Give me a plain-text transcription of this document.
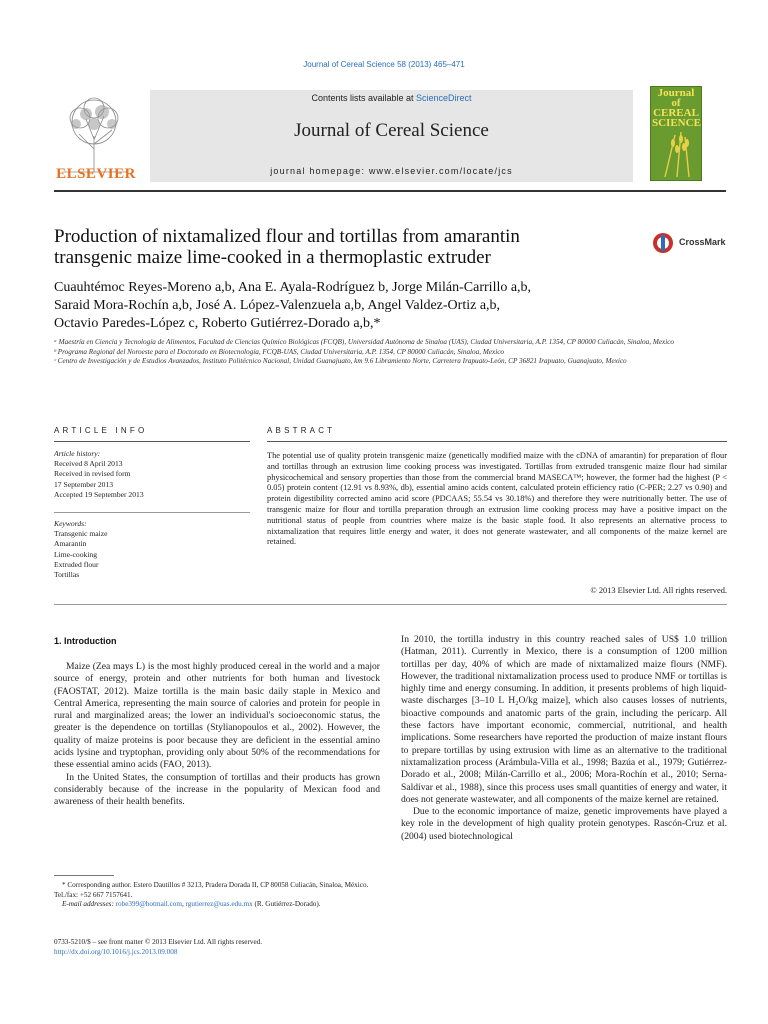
Journal of Cereal Science 58 (2013) 465–471
ELSEVIER
Contents lists available at ScienceDirect
Journal of Cereal Science
journal homepage: www.elsevier.com/locate/jcs
Journal of CEREAL SCIENCE
Production of nixtamalized flour and tortillas from amarantin
transgenic maize lime-cooked in a thermoplastic extruder
CrossMark
Cuauhtémoc Reyes-Moreno a,b, Ana E. Ayala-Rodríguez b, Jorge Milán-Carrillo a,b,
Saraid Mora-Rochín a,b, José A. López-Valenzuela a,b, Angel Valdez-Ortiz a,b,
Octavio Paredes-López c, Roberto Gutiérrez-Dorado a,b,*
ᵃ Maestría en Ciencia y Tecnología de Alimentos, Facultad de Ciencias Químico Biológicas (FCQB), Universidad Autónoma de Sinaloa (UAS), Ciudad Universitaria, A.P. 1354, CP 80000 Culiacán, Sinaloa, Mexico
ᵇ Programa Regional del Noroeste para el Doctorado en Biotecnología, FCQB-UAS, Ciudad Universitaria, A.P. 1354, CP 80000 Culiacán, Sinaloa, Mexico
ᶜ Centro de Investigación y de Estudios Avanzados, Instituto Politécnico Nacional, Unidad Guanajuato, km 9.6 Libramiento Norte, Carretera Irapuato-León, CP 36821 Irapuato, Guanajuato, Mexico
ARTICLE INFO
Article history:
Received 8 April 2013
Received in revised form
17 September 2013
Accepted 19 September 2013
Keywords:
Transgenic maize
Amarantin
Lime-cooking
Extruded flour
Tortillas
ABSTRACT
The potential use of quality protein transgenic maize (genetically modified maize with the cDNA of amarantin) for preparation of flour and tortillas through an extrusion lime cooking process was investigated. Tortillas from extruded transgenic maize flour had similar physicochemical and sensory properties than those from the commercial brand MASECA™; however, the former had the highest (P < 0.05) protein content (12.91 vs 8.93%, db), essential amino acids content, calculated protein efficiency ratio (C-PER; 2.27 vs 0.90) and protein digestibility corrected amino acid score (PDCAAS; 55.54 vs 30.18%) and therefore they were nutritionally better. The use of transgenic maize for flour and tortilla preparation through an extrusion lime cooking process may have a positive impact on the nutritional status of people from countries where maize is the basic staple food. It also represents an alternative process to nixtamalization that requires little energy and water, it does not generate wastewater, and all components of the maize kernel are retained.
© 2013 Elsevier Ltd. All rights reserved.
1. Introduction

Maize (Zea mays L) is the most highly produced cereal in the world and a major source of energy, protein and other nutrients for both human and livestock (FAOSTAT, 2012). Maize tortilla is the main basic daily staple in Mexico and Central America, representing the main source of calories and protein for people in rural and marginalized areas; the lower an individual's socioeconomic status, the greater is the dependence on tortillas (Stylianopoulos et al., 2002). However, the quality of maize proteins is poor because they are deficient in the essential amino acids lysine and tryptophan, providing only about 50% of the recommendations for these essential amino acids (FAO, 2013).

In the United States, the consumption of tortillas and their products has grown considerably because of the increase in the popularity of Mexican food and awareness of their health benefits.

* Corresponding author. Estero Dautillos # 3213, Pradera Dorada II, CP 80058 Culiacán, Sinaloa, México. Tel./fax: +52 667 7157641.
E-mail addresses: robe399@hotmail.com, rgutierrez@uas.edu.mx (R. Gutiérrez-Dorado).
0733-5210/$ – see front matter © 2013 Elsevier Ltd. All rights reserved.
http://dx.doi.org/10.1016/j.jcs.2013.09.008

In 2010, the tortilla industry in this country reached sales of US$ 1.0 trillion (Hatman, 2011). Currently in Mexico, there is a consumption of 1200 million tortillas per day, 40% of which are made of nixtamalized maize flours (NMF). However, the traditional nixtamalization process used to produce NMF or tortillas is highly time and energy consuming. In addition, it presents problems of high liquid-waste discharges [3–10 L H₂O/kg maize], which also causes losses of nutrients, bioactive compounds and anatomic parts of the grain, including the pericarp. All these factors have important economic, commercial, nutritional, and health implications. Some researchers have reported the production of maize instant flours to prepare tortillas by using extrusion with lime as an alternative to the traditional nixtamalization process (Arámbula-Villa et al., 1998; Bazúa et al., 1979; Gutiérrez-Dorado et al., 2008; Milán-Carrillo et al., 2006; Mora-Rochín et al., 2010; Serna-Saldívar et al., 1988), since this process uses small quantities of energy and water, it does not generate wastewater, and all components of the maize kernel are retained.

Due to the economic importance of maize, genetic improvements have played a key role in the development of high quality protein genotypes. Rascón-Cruz et al. (2004) used biotechnological
